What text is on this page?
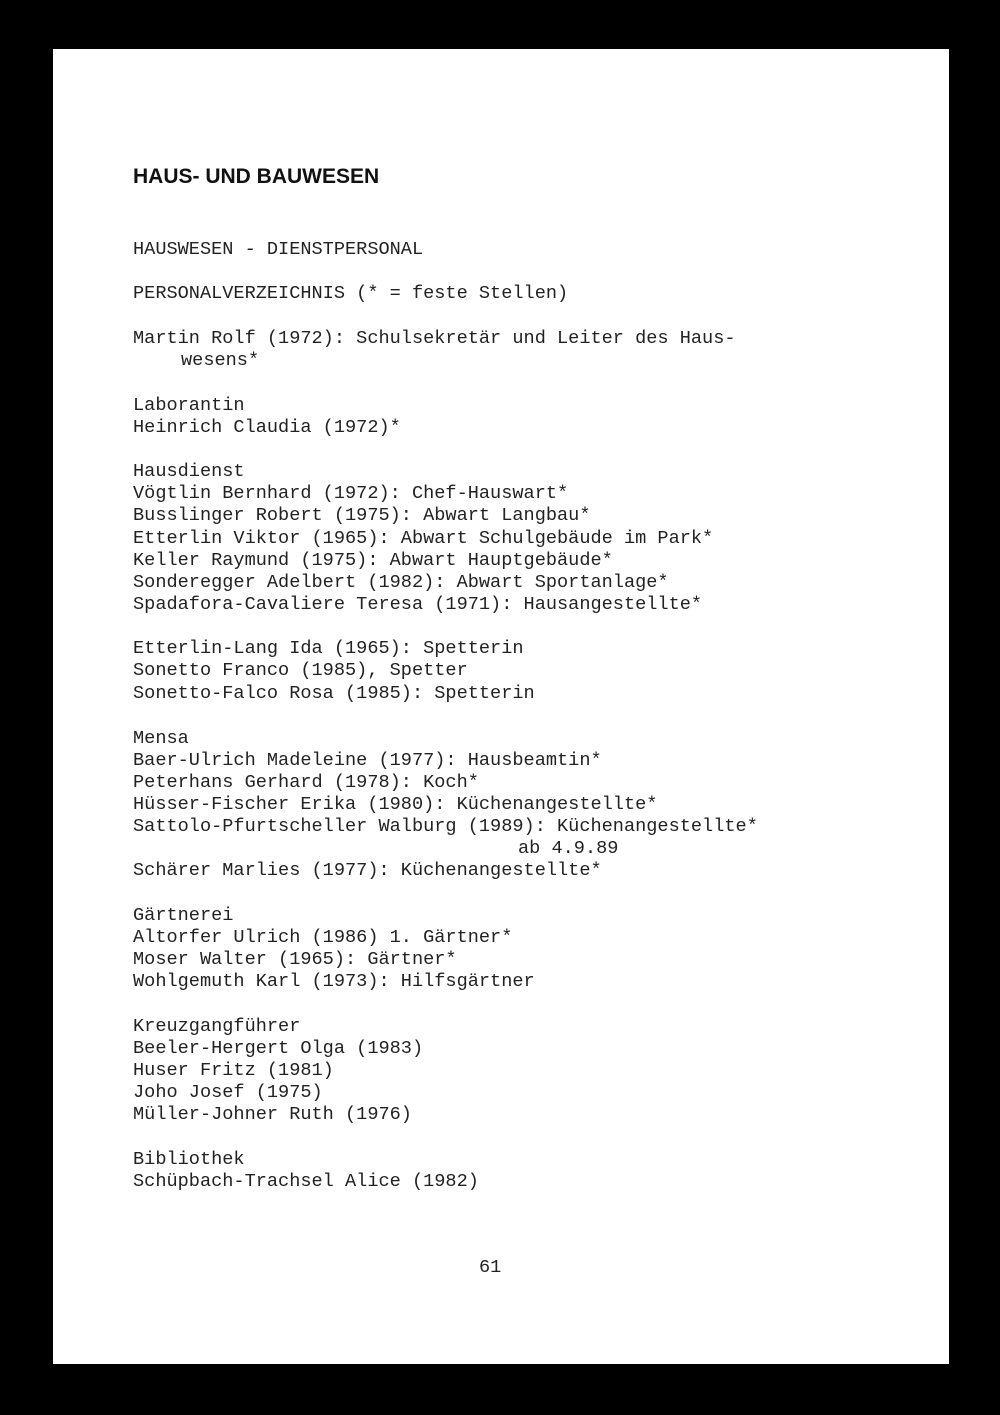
HAUS- UND BAUWESEN
HAUSWESEN - DIENSTPERSONAL
PERSONALVERZEICHNIS (* = feste Stellen)
Martin Rolf (1972): Schulsekretär und Leiter des Haus-
wesens*
Laborantin
Heinrich Claudia (1972)*
Hausdienst
Vögtlin Bernhard (1972): Chef-Hauswart*
Busslinger Robert (1975): Abwart Langbau*
Etterlin Viktor (1965): Abwart Schulgebäude im Park*
Keller Raymund (1975): Abwart Hauptgebäude*
Sonderegger Adelbert (1982): Abwart Sportanlage*
Spadafora-Cavaliere Teresa (1971): Hausangestellte*
Etterlin-Lang Ida (1965): Spetterin
Sonetto Franco (1985), Spetter
Sonetto-Falco Rosa (1985): Spetterin
Mensa
Baer-Ulrich Madeleine (1977): Hausbeamtin*
Peterhans Gerhard (1978): Koch*
Hüsser-Fischer Erika (1980): Küchenangestellte*
Sattolo-Pfurtscheller Walburg (1989): Küchenangestellte*
ab 4.9.89
Schärer Marlies (1977): Küchenangestellte*
Gärtnerei
Altorfer Ulrich (1986) 1. Gärtner*
Moser Walter (1965): Gärtner*
Wohlgemuth Karl (1973): Hilfsgärtner
Kreuzgangführer
Beeler-Hergert Olga (1983)
Huser Fritz (1981)
Joho Josef (1975)
Müller-Johner Ruth (1976)
Bibliothek
Schüpbach-Trachsel Alice (1982)
61
